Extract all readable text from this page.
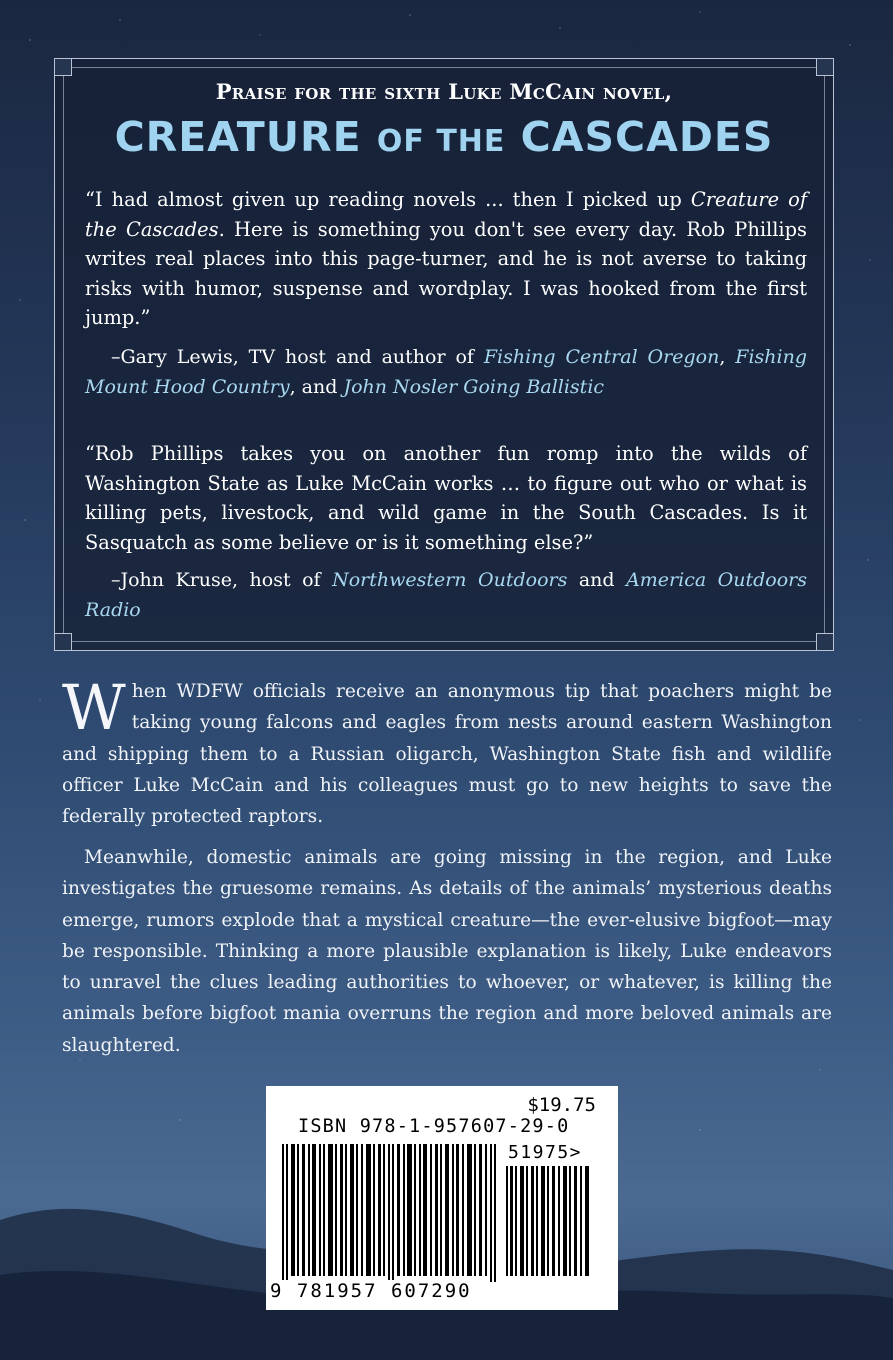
Praise for the sixth Luke McCain novel,
CREATURE OF THE CASCADES

“I had almost given up reading novels ... then I picked up Creature of the Cascades. Here is something you don't see every day. Rob Phillips writes real places into this page-turner, and he is not averse to taking risks with humor, suspense and wordplay. I was hooked from the first jump.”

–Gary Lewis, TV host and author of Fishing Central Oregon, Fishing Mount Hood Country, and John Nosler Going Ballistic

“Rob Phillips takes you on another fun romp into the wilds of Washington State as Luke McCain works … to figure out who or what is killing pets, livestock, and wild game in the South Cascades. Is it Sasquatch as some believe or is it something else?”

–John Kruse, host of Northwestern Outdoors and America Outdoors Radio

When WDFW officials receive an anonymous tip that poachers might be taking young falcons and eagles from nests around eastern Washington and shipping them to a Russian oligarch, Washington State fish and wildlife officer Luke McCain and his colleagues must go to new heights to save the federally protected raptors.
Meanwhile, domestic animals are going missing in the region, and Luke investigates the gruesome remains. As details of the animals’ mysterious deaths emerge, rumors explode that a mystical creature—the ever-elusive bigfoot—may be responsible. Thinking a more plausible explanation is likely, Luke endeavors to unravel the clues leading authorities to whoever, or whatever, is killing the animals before bigfoot mania overruns the region and more beloved animals are slaughtered.
$19.75
ISBN 978-1-957607-29-0
51975>
9 781957 607290
